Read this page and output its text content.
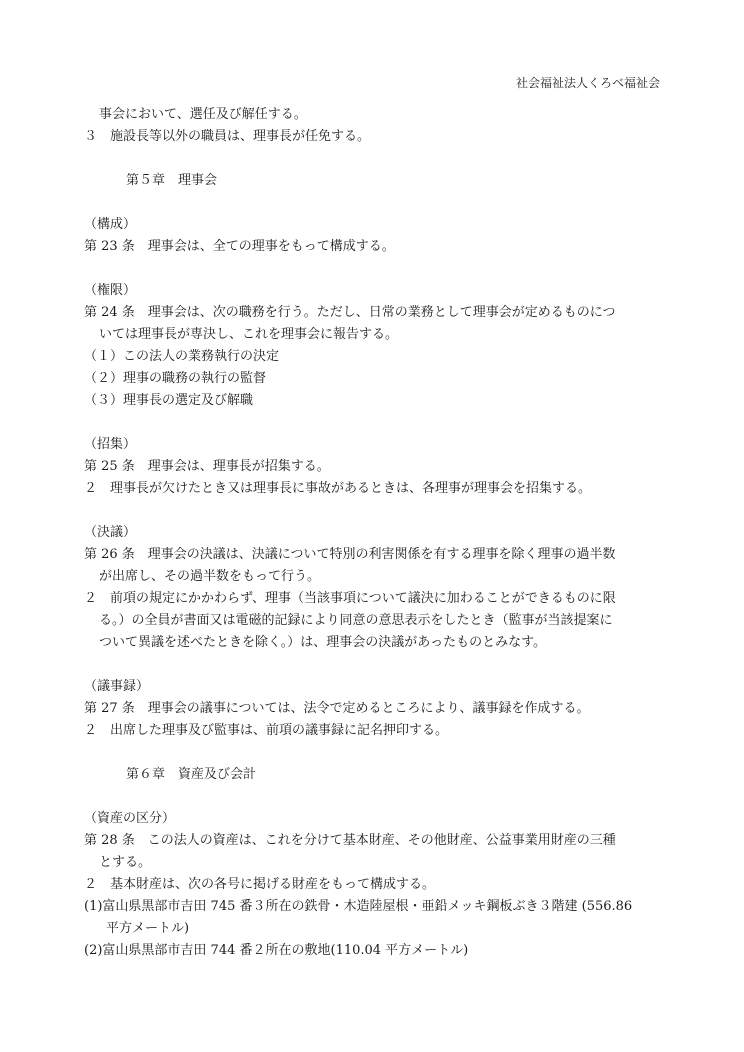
社会福祉法人くろべ福祉会

事会において、選任及び解任する。

３　施設長等以外の職員は、理事長が任免する。

第５章　理事会

（構成）

第 23 条　理事会は、全ての理事をもって構成する。

（権限）

第 24 条　理事会は、次の職務を行う。ただし、日常の業務として理事会が定めるものにつ

いては理事長が専決し、これを理事会に報告する。

（１）この法人の業務執行の決定

（２）理事の職務の執行の監督

（３）理事長の選定及び解職

（招集）

第 25 条　理事会は、理事長が招集する。

２　理事長が欠けたとき又は理事長に事故があるときは、各理事が理事会を招集する。

（決議）

第 26 条　理事会の決議は、決議について特別の利害関係を有する理事を除く理事の過半数

が出席し、その過半数をもって行う。

２　前項の規定にかかわらず、理事（当該事項について議決に加わることができるものに限

る。）の全員が書面又は電磁的記録により同意の意思表示をしたとき（監事が当該提案に

ついて異議を述べたときを除く。）は、理事会の決議があったものとみなす。

（議事録）

第 27 条　理事会の議事については、法令で定めるところにより、議事録を作成する。

２　出席した理事及び監事は、前項の議事録に記名押印する。

第６章　資産及び会計

（資産の区分）

第 28 条　この法人の資産は、これを分けて基本財産、その他財産、公益事業用財産の三種

とする。

２　基本財産は、次の各号に掲げる財産をもって構成する。

(1)富山県黒部市吉田 745 番３所在の鉄骨・木造陸屋根・亜鉛メッキ鋼板ぶき３階建 (556.86

平方メートル)

(2)富山県黒部市吉田 744 番２所在の敷地(110.04 平方メートル)
